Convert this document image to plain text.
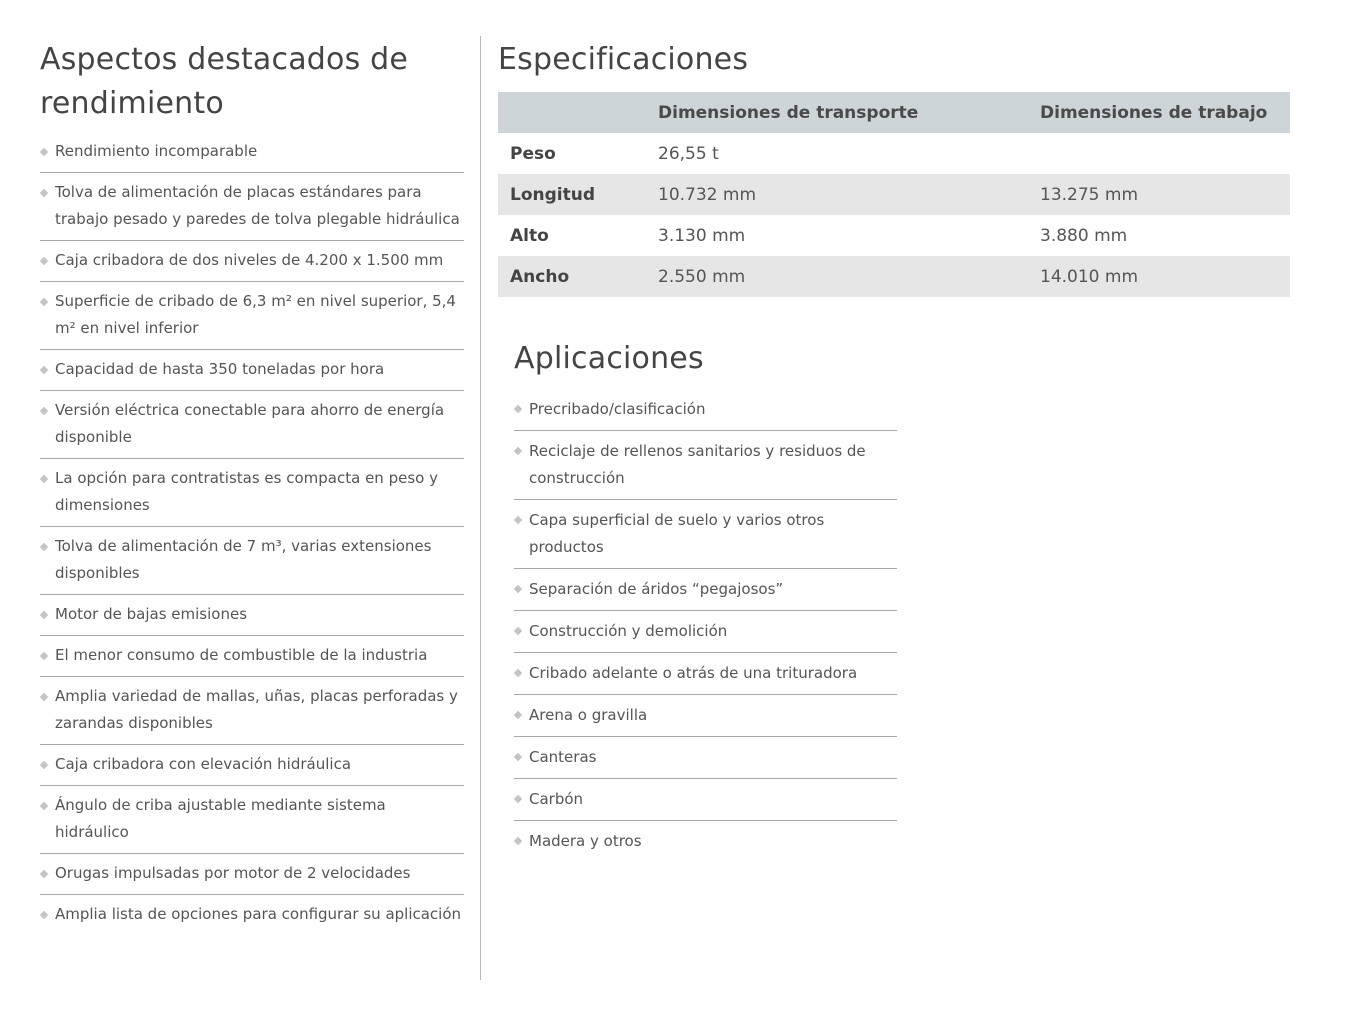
Aspectos destacados de rendimiento
Rendimiento incomparable
Tolva de alimentación de placas estándares para trabajo pesado y paredes de tolva plegable hidráulica
Caja cribadora de dos niveles de 4.200 x 1.500 mm
Superficie de cribado de 6,3 m² en nivel superior, 5,4 m² en nivel inferior
Capacidad de hasta 350 toneladas por hora
Versión eléctrica conectable para ahorro de energía disponible
La opción para contratistas es compacta en peso y dimensiones
Tolva de alimentación de 7 m³, varias extensiones disponibles
Motor de bajas emisiones
El menor consumo de combustible de la industria
Amplia variedad de mallas, uñas, placas perforadas y zarandas disponibles
Caja cribadora con elevación hidráulica
Ángulo de criba ajustable mediante sistema hidráulico
Orugas impulsadas por motor de 2 velocidades
Amplia lista de opciones para configurar su aplicación
Especificaciones
	Dimensiones de transporte	Dimensiones de trabajo
Peso	26,55 t	
Longitud	10.732 mm	13.275 mm
Alto	3.130 mm	3.880 mm
Ancho	2.550 mm	14.010 mm
Aplicaciones
Precribado/clasificación
Reciclaje de rellenos sanitarios y residuos de construcción
Capa superficial de suelo y varios otros productos
Separación de áridos “pegajosos”
Construcción y demolición
Cribado adelante o atrás de una trituradora
Arena o gravilla
Canteras
Carbón
Madera y otros
